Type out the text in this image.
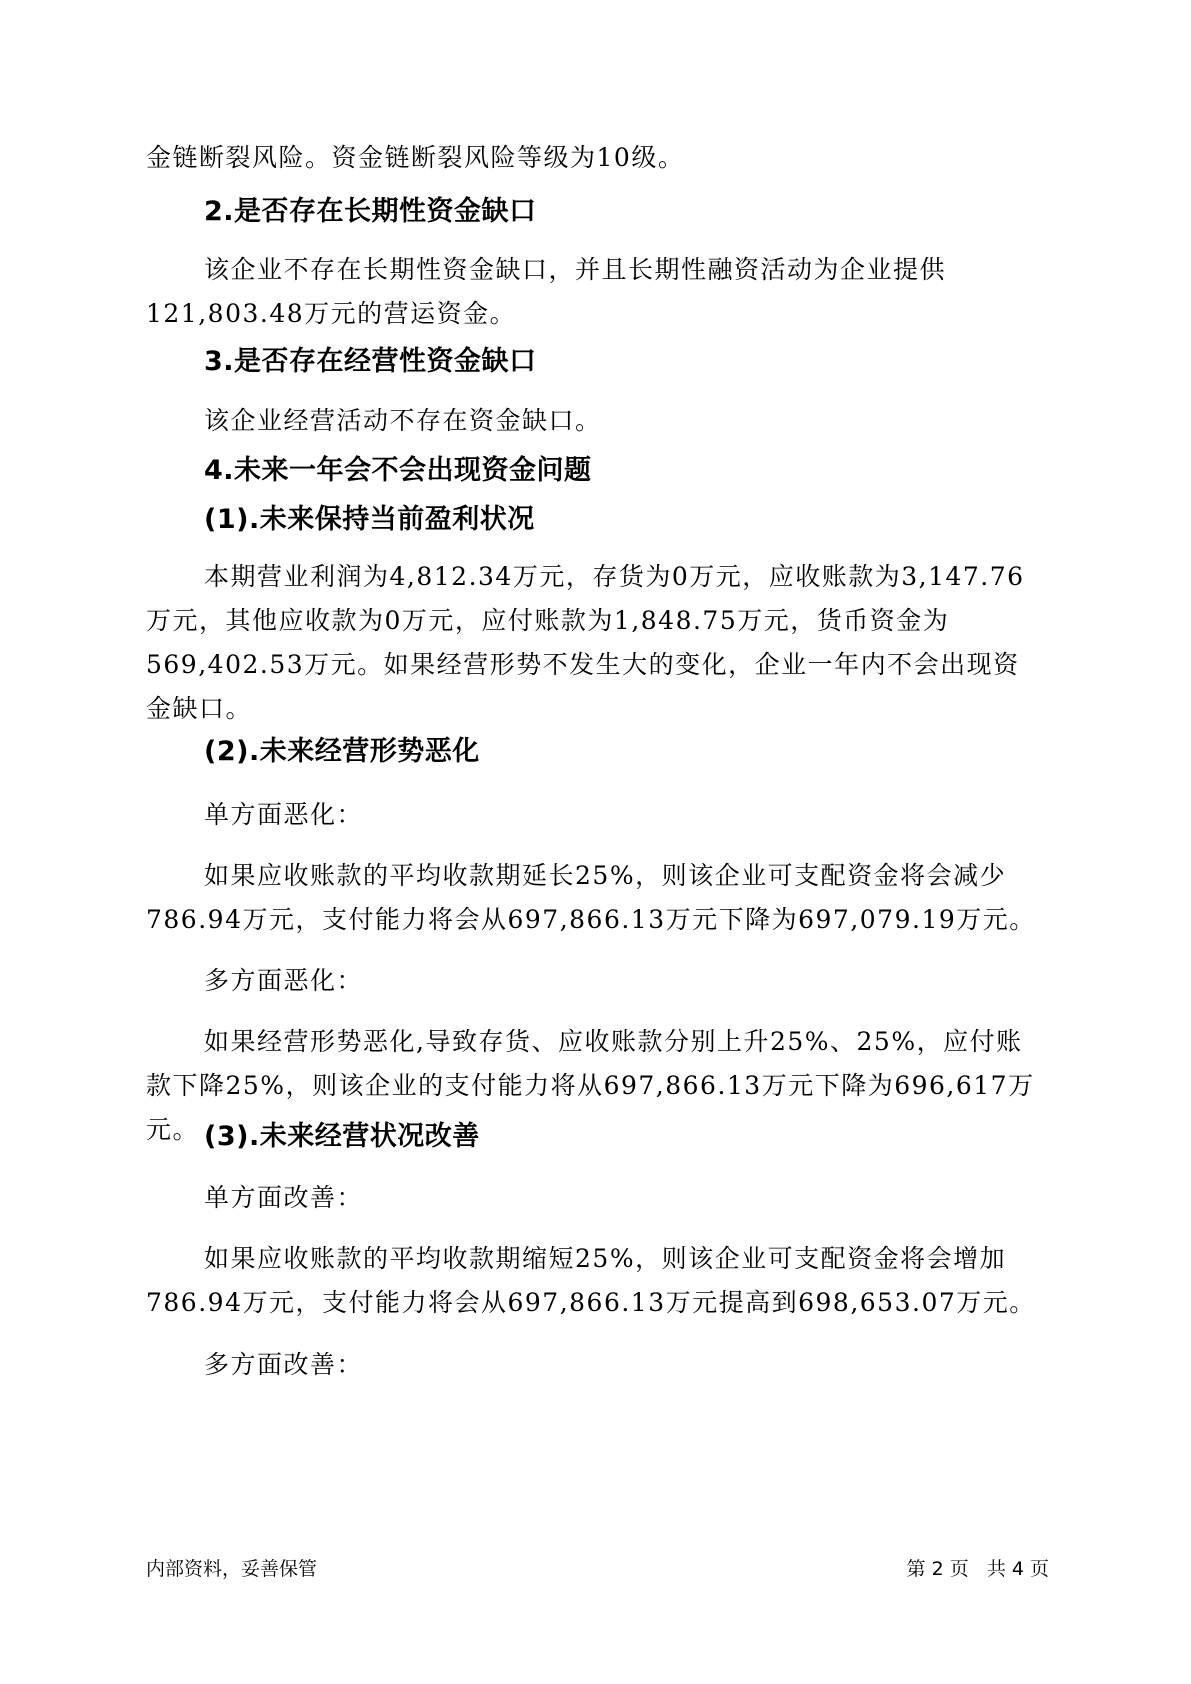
金链断裂风险。资金链断裂风险等级为10级。

2.是否存在长期性资金缺口

该企业不存在长期性资金缺口，并且长期性融资活动为企业提供121,803.48万元的营运资金。

3.是否存在经营性资金缺口

该企业经营活动不存在资金缺口。

4.未来一年会不会出现资金问题
(1).未来保持当前盈利状况

本期营业利润为4,812.34万元，存货为0万元，应收账款为3,147.76万元，其他应收款为0万元，应付账款为1,848.75万元，货币资金为569,402.53万元。如果经营形势不发生大的变化，企业一年内不会出现资金缺口。

(2).未来经营形势恶化

单方面恶化：

如果应收账款的平均收款期延长25%，则该企业可支配资金将会减少786.94万元，支付能力将会从697,866.13万元下降为697,079.19万元。

多方面恶化：

如果经营形势恶化,导致存货、应收账款分别上升25%、25%，应付账款下降25%，则该企业的支付能力将从697,866.13万元下降为696,617万元。 (3).未来经营状况改善

单方面改善：

如果应收账款的平均收款期缩短25%，则该企业可支配资金将会增加786.94万元，支付能力将会从697,866.13万元提高到698,653.07万元。

多方面改善：

内部资料，妥善保管	第 2 页   共 4 页
